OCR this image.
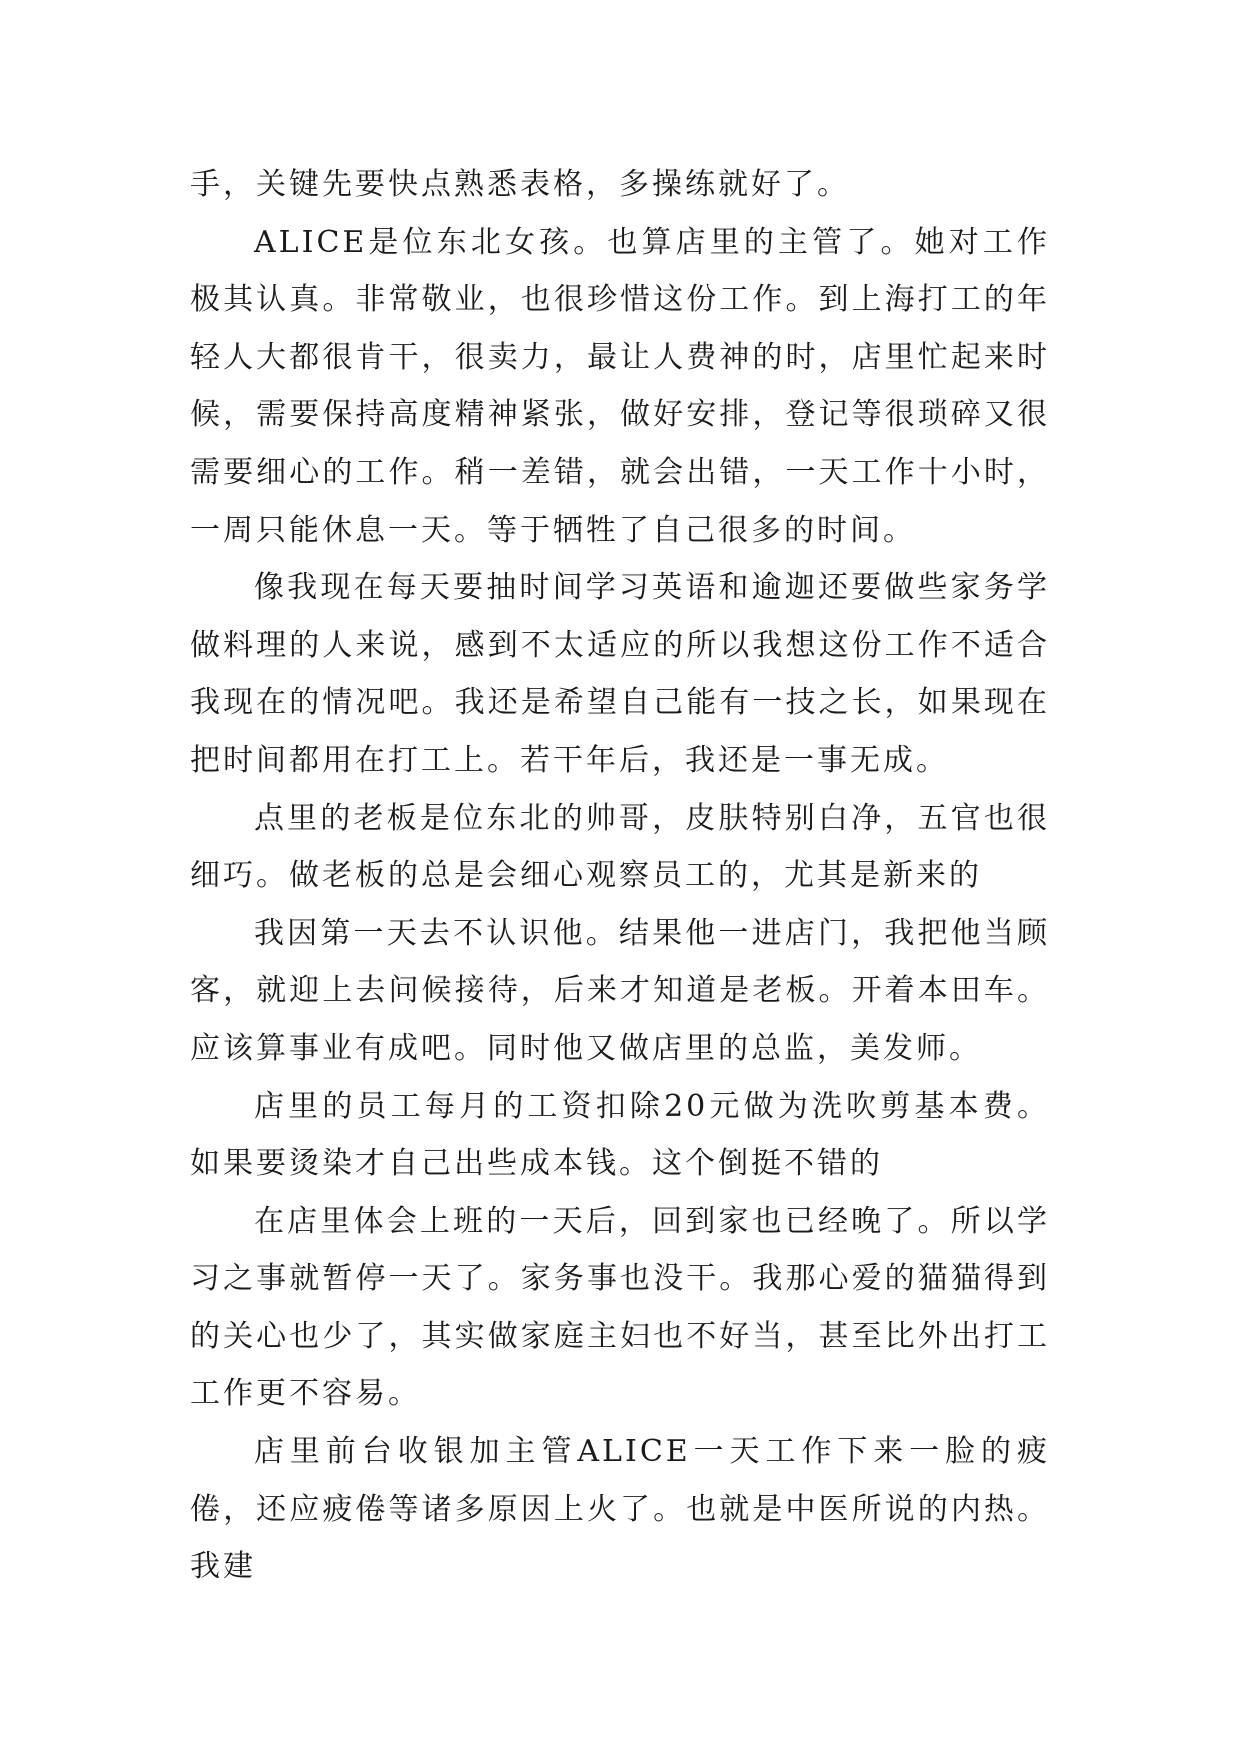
手，关键先要快点熟悉表格，多操练就好了。

ALICE是位东北女孩。也算店里的主管了。她对工作极其认真。非常敬业，也很珍惜这份工作。到上海打工的年轻人大都很肯干，很卖力，最让人费神的时，店里忙起来时候，需要保持高度精神紧张，做好安排，登记等很琐碎又很需要细心的工作。稍一差错，就会出错，一天工作十小时，一周只能休息一天。等于牺牲了自己很多的时间。

像我现在每天要抽时间学习英语和逾迦还要做些家务学做料理的人来说，感到不太适应的所以我想这份工作不适合我现在的情况吧。我还是希望自己能有一技之长，如果现在把时间都用在打工上。若干年后，我还是一事无成。

点里的老板是位东北的帅哥，皮肤特别白净，五官也很细巧。做老板的总是会细心观察员工的，尤其是新来的

我因第一天去不认识他。结果他一进店门，我把他当顾客，就迎上去问候接待，后来才知道是老板。开着本田车。应该算事业有成吧。同时他又做店里的总监，美发师。

店里的员工每月的工资扣除20元做为洗吹剪基本费。如果要烫染才自己出些成本钱。这个倒挺不错的

在店里体会上班的一天后，回到家也已经晚了。所以学习之事就暂停一天了。家务事也没干。我那心爱的猫猫得到的关心也少了，其实做家庭主妇也不好当，甚至比外出打工工作更不容易。

店里前台收银加主管ALICE一天工作下来一脸的疲倦，还应疲倦等诸多原因上火了。也就是中医所说的内热。我建
